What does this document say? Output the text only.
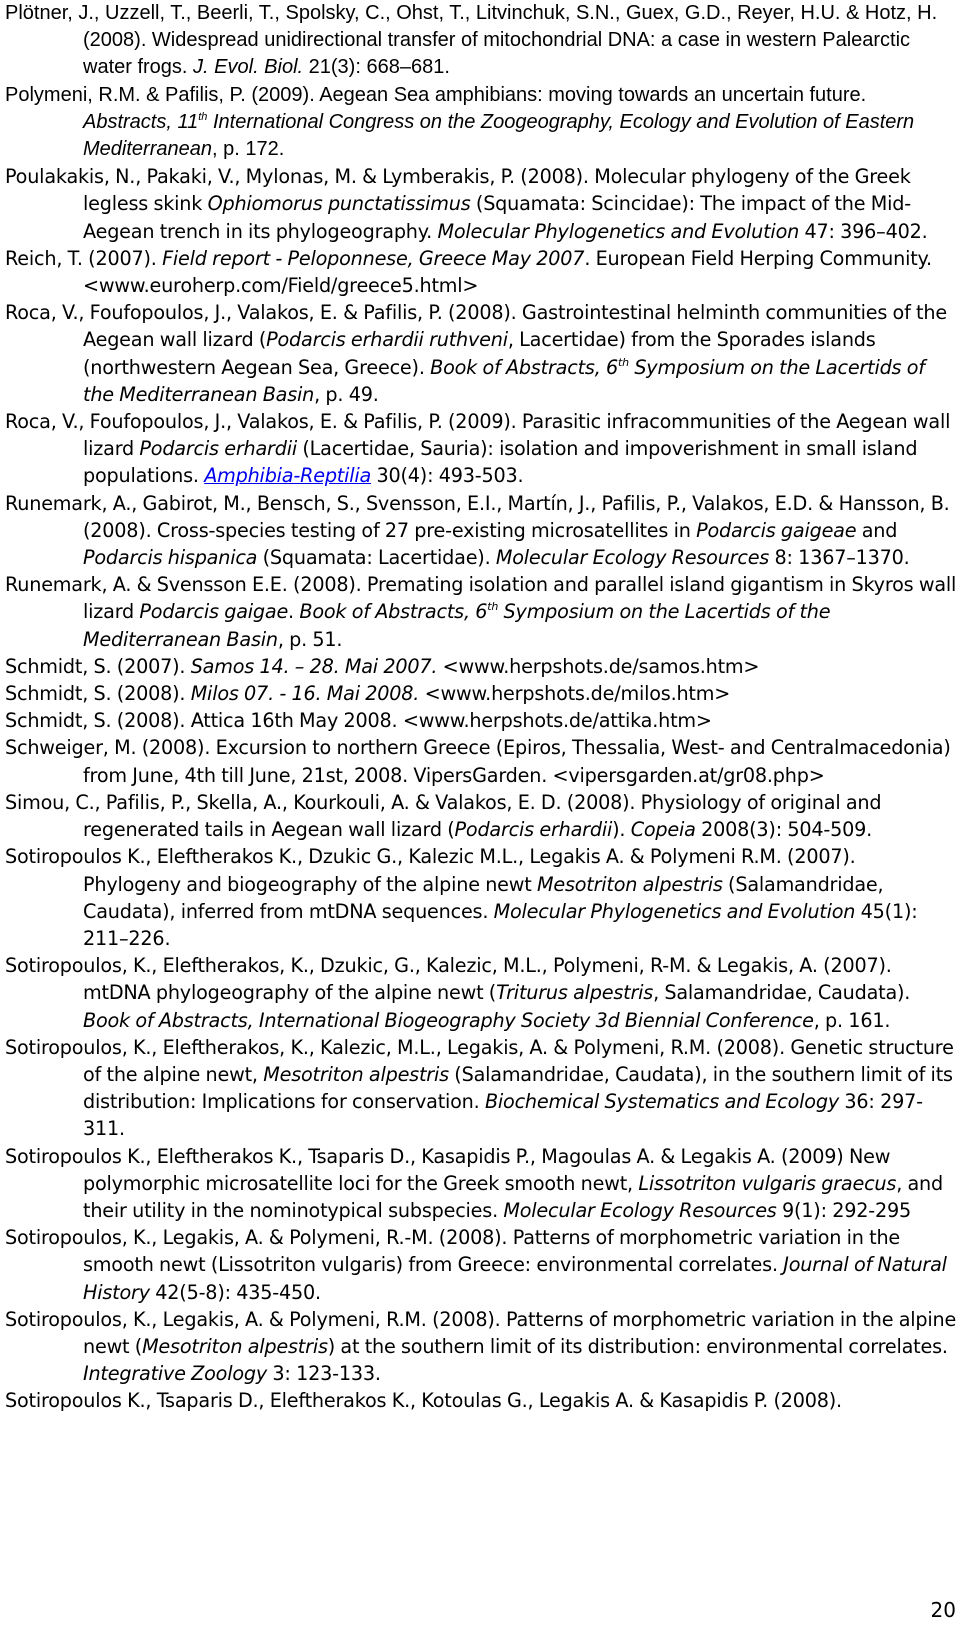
Plötner, J., Uzzell, T., Beerli, T., Spolsky, C., Ohst, T., Litvinchuk, S.N., Guex, G.D., Reyer, H.U. & Hotz, H. (2008). Widespread unidirectional transfer of mitochondrial DNA: a case in western Palearctic water frogs. J. Evol. Biol. 21(3): 668–681.

Polymeni, R.M. & Pafilis, P. (2009). Aegean Sea amphibians: moving towards an uncertain future. Abstracts, 11th International Congress on the Zoogeography, Ecology and Evolution of Eastern Mediterranean, p. 172.

Poulakakis, N., Pakaki, V., Mylonas, M. & Lymberakis, P. (2008). Molecular phylogeny of the Greek legless skink Ophiomorus punctatissimus (Squamata: Scincidae): The impact of the Mid-Aegean trench in its phylogeography. Molecular Phylogenetics and Evolution 47: 396–402.

Reich, T. (2007). Field report - Peloponnese, Greece May 2007. European Field Herping Community. <www.euroherp.com/Field/greece5.html>

Roca, V., Foufopoulos, J., Valakos, E. & Pafilis, P. (2008). Gastrointestinal helminth communities of the Aegean wall lizard (Podarcis erhardii ruthveni, Lacertidae) from the Sporades islands (northwestern Aegean Sea, Greece). Book of Abstracts, 6th Symposium on the Lacertids of the Mediterranean Basin, p. 49.

Roca, V., Foufopoulos, J., Valakos, E. & Pafilis, P. (2009). Parasitic infracommunities of the Aegean wall lizard Podarcis erhardii (Lacertidae, Sauria): isolation and impoverishment in small island populations. Amphibia-Reptilia 30(4): 493-503.

Runemark, A., Gabirot, M., Bensch, S., Svensson, E.I., Martín, J., Pafilis, P., Valakos, E.D. & Hansson, B. (2008). Cross-species testing of 27 pre-existing microsatellites in Podarcis gaigeae and Podarcis hispanica (Squamata: Lacertidae). Molecular Ecology Resources 8: 1367–1370.

Runemark, A. & Svensson E.E. (2008). Premating isolation and parallel island gigantism in Skyros wall lizard Podarcis gaigae. Book of Abstracts, 6th Symposium on the Lacertids of the Mediterranean Basin, p. 51.

Schmidt, S. (2007). Samos 14. – 28. Mai 2007. <www.herpshots.de/samos.htm>

Schmidt, S. (2008). Milos 07. - 16. Mai 2008. <www.herpshots.de/milos.htm>

Schmidt, S. (2008). Attica 16th May 2008. <www.herpshots.de/attika.htm>

Schweiger, M. (2008). Excursion to northern Greece (Epiros, Thessalia, West- and Centralmacedonia) from June, 4th till June, 21st, 2008. VipersGarden. <vipersgarden.at/gr08.php>

Simou, C., Pafilis, P., Skella, A., Kourkouli, A. & Valakos, E. D. (2008). Physiology of original and regenerated tails in Aegean wall lizard (Podarcis erhardii). Copeia 2008(3): 504-509.

Sotiropoulos K., Eleftherakos K., Dzukic G., Kalezic M.L., Legakis A. & Polymeni R.M. (2007). Phylogeny and biogeography of the alpine newt Mesotriton alpestris (Salamandridae, Caudata), inferred from mtDNA sequences. Molecular Phylogenetics and Evolution 45(1): 211–226.

Sotiropoulos, K., Eleftherakos, K., Dzukic, G., Kalezic, M.L., Polymeni, R-M. & Legakis, A. (2007). mtDNA phylogeography of the alpine newt (Triturus alpestris, Salamandridae, Caudata). Book of Abstracts, International Biogeography Society 3d Biennial Conference, p. 161.

Sotiropoulos, K., Eleftherakos, K., Kalezic, M.L., Legakis, A. & Polymeni, R.M. (2008). Genetic structure of the alpine newt, Mesotriton alpestris (Salamandridae, Caudata), in the southern limit of its distribution: Implications for conservation. Biochemical Systematics and Ecology 36: 297-311.

Sotiropoulos K., Eleftherakos K., Tsaparis D., Kasapidis P., Magoulas A. & Legakis A. (2009) New polymorphic microsatellite loci for the Greek smooth newt, Lissotriton vulgaris graecus, and their utility in the nominotypical subspecies. Molecular Ecology Resources 9(1): 292-295

Sotiropoulos, K., Legakis, A. & Polymeni, R.-M. (2008). Patterns of morphometric variation in the smooth newt (Lissotriton vulgaris) from Greece: environmental correlates. Journal of Natural History 42(5-8): 435-450.

Sotiropoulos, K., Legakis, A. & Polymeni, R.M. (2008). Patterns of morphometric variation in the alpine newt (Mesotriton alpestris) at the southern limit of its distribution: environmental correlates. Integrative Zoology 3: 123-133.

Sotiropoulos K., Tsaparis D., Eleftherakos K., Kotoulas G., Legakis A. & Kasapidis P. (2008).

20
